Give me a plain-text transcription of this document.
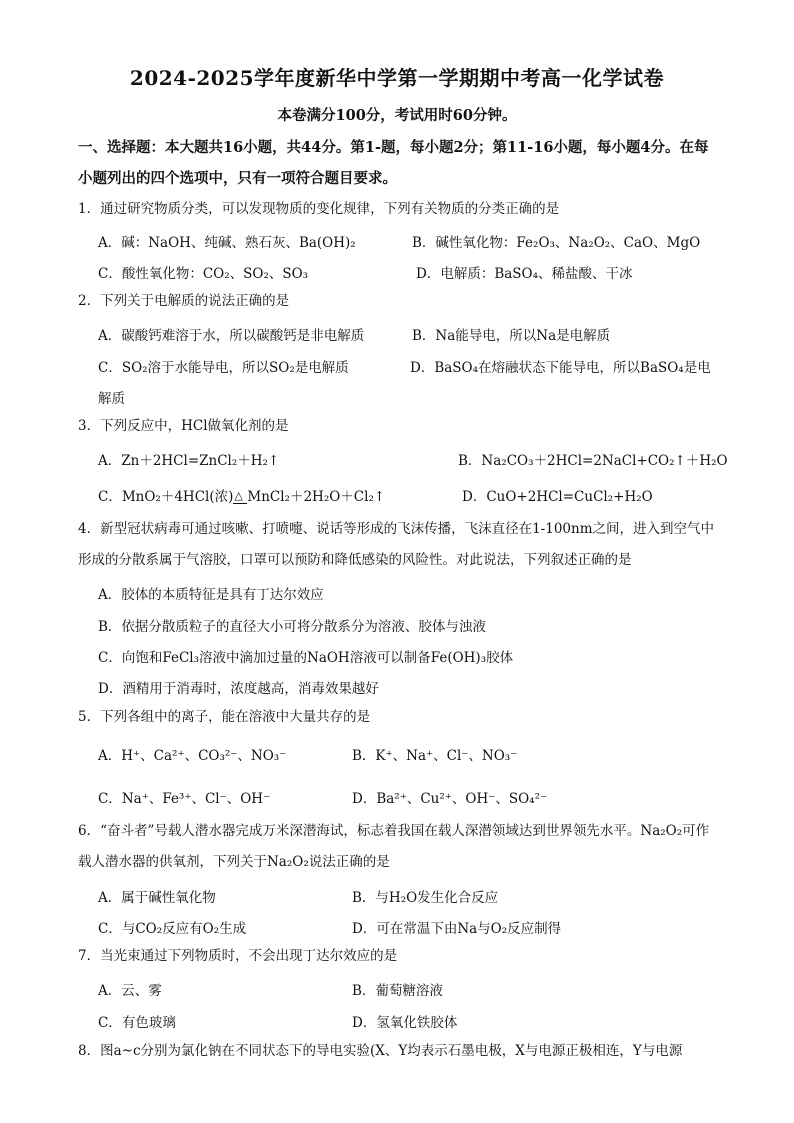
2024-2025学年度新华中学第一学期期中考高一化学试卷
本卷满分100分，考试用时60分钟。
一、选择题：本大题共16小题，共44分。第1-题，每小题2分；第11-16小题，每小题4分。在每小题列出的四个选项中，只有一项符合题目要求。
1．通过研究物质分类，可以发现物质的变化规律，下列有关物质的分类正确的是
A．碱：NaOH、纯碱、熟石灰、Ba(OH)₂	B．碱性氧化物：Fe₂O₃、Na₂O₂、CaO、MgO
C．酸性氧化物：CO₂、SO₂、SO₃	D．电解质：BaSO₄、稀盐酸、干冰
2．下列关于电解质的说法正确的是
A．碳酸钙难溶于水，所以碳酸钙是非电解质	B．Na能导电，所以Na是电解质
C．SO₂溶于水能导电，所以SO₂是电解质	D．BaSO₄在熔融状态下能导电，所以BaSO₄是电
解质
3．下列反应中，HCl做氧化剂的是
A．Zn＋2HCl=ZnCl₂＋H₂↑	B．Na₂CO₃＋2HCl=2NaCl+CO₂↑＋H₂O
C．MnO₂＋4HCl(浓) △ MnCl₂＋2H₂O＋Cl₂↑	D．CuO+2HCl=CuCl₂+H₂O
4．新型冠状病毒可通过咳嗽、打喷嚏、说话等形成的飞沫传播，飞沫直径在1-100nm之间，进入到空气中形成的分散系属于气溶胶，口罩可以预防和降低感染的风险性。对此说法，下列叙述正确的是
A．胶体的本质特征是具有丁达尔效应
B．依据分散质粒子的直径大小可将分散系分为溶液、胶体与浊液
C．向饱和FeCl₃溶液中滴加过量的NaOH溶液可以制备Fe(OH)₃胶体
D．酒精用于消毒时，浓度越高，消毒效果越好
5．下列各组中的离子，能在溶液中大量共存的是
A．H⁺、Ca²⁺、CO₃²⁻、NO₃⁻	B．K⁺、Na⁺、Cl⁻、NO₃⁻
C．Na⁺、Fe³⁺、Cl⁻、OH⁻	D．Ba²⁺、Cu²⁺、OH⁻、SO₄²⁻
6．“奋斗者”号载人潜水器完成万米深潜海试，标志着我国在载人深潜领域达到世界领先水平。Na₂O₂可作载人潜水器的供氧剂，下列关于Na₂O₂说法正确的是
A．属于碱性氧化物	B．与H₂O发生化合反应
C．与CO₂反应有O₂生成	D．可在常温下由Na与O₂反应制得
7．当光束通过下列物质时，不会出现丁达尔效应的是
A．云、雾	B．葡萄糖溶液
C．有色玻璃	D．氢氧化铁胶体
8．图a~c分别为氯化钠在不同状态下的导电实验(X、Y均表示石墨电极，X与电源正极相连，Y与电源
